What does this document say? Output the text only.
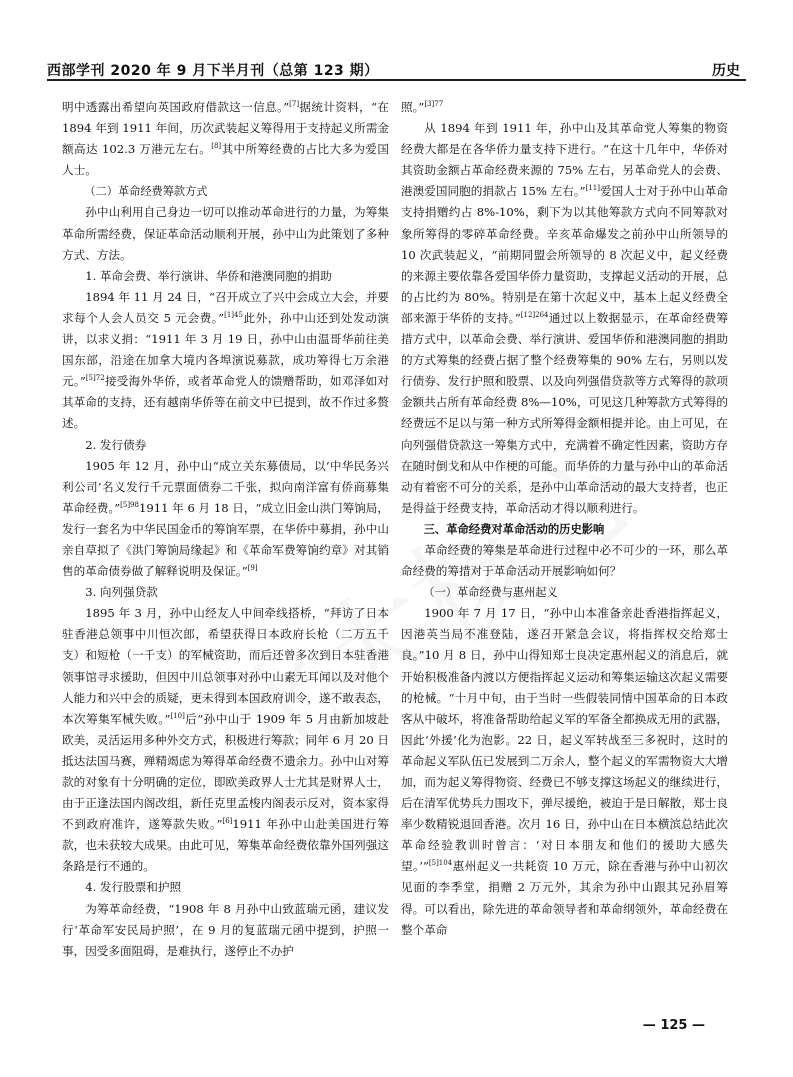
西部学刊 2020 年 9 月下半月刊（总第 123 期）	历史

明中透露出希望向英国政府借款这一信息。”[7]据统计资料，“在 1894 年到 1911 年间，历次武装起义筹得用于支持起义所需金额高达 102.3 万港元左右。[8]其中所筹经费的占比大多为爱国人士。

（二）革命经费筹款方式

孙中山利用自己身边一切可以推动革命进行的力量，为筹集革命所需经费，保证革命活动顺利开展，孙中山为此策划了多种方式、方法。

1. 革命会费、举行演讲、华侨和港澳同胞的捐助

1894 年 11 月 24 日，“召开成立了兴中会成立大会，并要求每个人会人员交 5 元会费。”$^{[1]45}$此外，孙中山还到处发动演讲，以求义捐：“1911 年 3 月 19 日，孙中山由温哥华前往美国东部，沿途在加拿大境内各埠演说募款，成功筹得七万余港元。”$^{[5]72}$接受海外华侨，或者革命党人的馈赠帮助，如邓泽如对其革命的支持，还有越南华侨等在前文中已提到，故不作过多赘述。

2. 发行债券

1905 年 12 月，孙中山“成立关东募债局，以‘中华民务兴利公司’名义发行千元票面债券二千张，拟向南洋富有侨商募集革命经费。”$^{[5]98}$1911 年 6 月 18 日，“成立旧金山洪门筹饷局，发行一套名为中华民国金币的筹饷军票，在华侨中募捐，孙中山亲自草拟了《洪门筹饷局缘起》和《革命军费筹饷约章》对其销售的革命债券做了解释说明及保证。”[9]

3. 向列强贷款

1895 年 3 月，孙中山经友人中间牵线搭桥，“拜访了日本驻香港总领事中川恒次郎，希望获得日本政府长枪（二万五千支）和短枪（一千支）的军械资助，而后还曾多次到日本驻香港领事馆寻求援助，但因中川总领事对孙中山素无耳闻以及对他个人能力和兴中会的质疑，更未得到本国政府训令，遂不敢表态，本次筹集军械失败。”[10]后“孙中山于 1909 年 5 月由新加坡赴欧美，灵活运用多种外交方式，积极进行筹款；同年 6 月 20 日抵达法国马赛，殚精竭虑为筹得革命经费不遗余力。孙中山对筹款的对象有十分明确的定位，即欧美政界人士尤其是财界人士，由于正逢法国内阁改组，新任克里孟梭内阁表示反对，资本家得不到政府准许，遂筹款失败。”[6]1911 年孙中山赴美国进行筹款，也未获较大成果。由此可见，筹集革命经费依靠外国列强这条路是行不通的。

4. 发行股票和护照

为筹革命经费，“1908 年 8 月孙中山致蓝瑞元函，建议发行‘革命军安民局护照’，在 9 月的复蓝瑞元函中提到，护照一事，因受多面阻碍，是难执行，遂停止不办护

照。”$^{[3]77}$

从 1894 年到 1911 年，孙中山及其革命党人筹集的物资经费大都是在各华侨力量支持下进行。“在这十几年中，华侨对其资助金额占革命经费来源的 75% 左右，另革命党人的会费、港澳爱国同胞的捐款占 15% 左右。”[11]爱国人士对于孙中山革命支持捐赠约占 8%-10%，剩下为以其他筹款方式向不同筹款对象所筹得的零碎革命经费。辛亥革命爆发之前孙中山所领导的 10 次武装起义，“前期同盟会所领导的 8 次起义中，起义经费的来源主要依靠各爱国华侨力量资助，支撑起义活动的开展，总的占比约为 80%。特别是在第十次起义中，基本上起义经费全部来源于华侨的支持。”$^{[12]264}$通过以上数据显示，在革命经费筹措方式中，以革命会费、举行演讲、爱国华侨和港澳同胞的捐助的方式筹集的经费占据了整个经费筹集的 90% 左右，另则以发行债券、发行护照和股票、以及向列强借贷款等方式筹得的款项金额共占所有革命经费 8%—10%，可见这几种筹款方式筹得的经费远不足以与第一种方式所筹得金额相提并论。由上可见，在向列强借贷款这一筹集方式中，充满着不确定性因素，资助方存在随时倒戈和从中作梗的可能。而华侨的力量与孙中山的革命活动有着密不可分的关系，是孙中山革命活动的最大支持者，也正是得益于经费支持，革命活动才得以顺利进行。

三、革命经费对革命活动的历史影响

革命经费的筹集是革命进行过程中必不可少的一环，那么革命经费的筹措对于革命活动开展影响如何？

（一）革命经费与惠州起义

1900 年 7 月 17 日，“孙中山本准备亲赴香港指挥起义，因港英当局不准登陆，遂召开紧急会议，将指挥权交给郑士良。”10 月 8 日，孙中山得知郑士良决定惠州起义的消息后，就开始积极准备内渡以方便指挥起义运动和筹集运输这次起义需要的枪械。“十月中旬，由于当时一些假装同情中国革命的日本政客从中破坏，将准备帮助给起义军的军备全都换成无用的武器，因此‘外援’化为泡影。22 日，起义军转战至三多祝时，这时的革命起义军队伍已发展到二万余人，整个起义的军需物资大大增加，而为起义筹得物资、经费已不够支撑这场起义的继续进行，后在清军优势兵力围攻下，弹尽援绝，被迫于是日解散，郑士良率少数精锐退回香港。次月 16 日，孙中山在日本横滨总结此次革命经验教训时曾言：‘对日本朋友和他们的援助大感失望。’”$^{[5]104}$惠州起义一共耗资 10 万元，除在香港与孙中山初次见面的李季堂，捐赠 2 万元外，其余为孙中山跟其兄孙眉筹得。可以看出，除先进的革命领导者和革命纲领外，革命经费在整个革命

— 125 —
